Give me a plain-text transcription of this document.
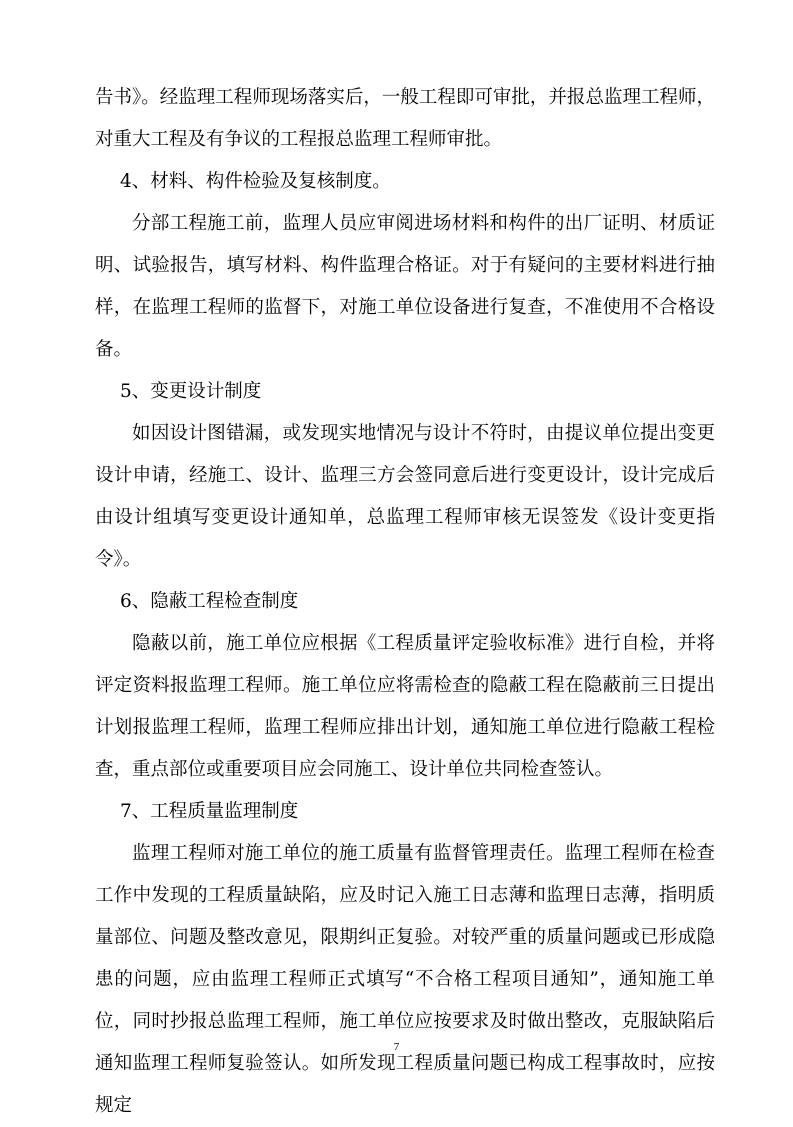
告书》。经监理工程师现场落实后，一般工程即可审批，并报总监理工程师，对重大工程及有争议的工程报总监理工程师审批。

4、材料、构件检验及复核制度。

分部工程施工前，监理人员应审阅进场材料和构件的出厂证明、材质证明、试验报告，填写材料、构件监理合格证。对于有疑问的主要材料进行抽样，在监理工程师的监督下，对施工单位设备进行复查，不准使用不合格设备。

5、变更设计制度

如因设计图错漏，或发现实地情况与设计不符时，由提议单位提出变更设计申请，经施工、设计、监理三方会签同意后进行变更设计，设计完成后由设计组填写变更设计通知单，总监理工程师审核无误签发《设计变更指令》。

6、隐蔽工程检查制度

隐蔽以前，施工单位应根据《工程质量评定验收标准》进行自检，并将评定资料报监理工程师。施工单位应将需检查的隐蔽工程在隐蔽前三日提出计划报监理工程师，监理工程师应排出计划，通知施工单位进行隐蔽工程检查，重点部位或重要项目应会同施工、设计单位共同检查签认。

7、工程质量监理制度

监理工程师对施工单位的施工质量有监督管理责任。监理工程师在检查工作中发现的工程质量缺陷，应及时记入施工日志薄和监理日志薄，指明质量部位、问题及整改意见，限期纠正复验。对较严重的质量问题或已形成隐患的问题，应由监理工程师正式填写“不合格工程项目通知”，通知施工单位，同时抄报总监理工程师，施工单位应按要求及时做出整改，克服缺陷后通知监理工程师复验签认。如所发现工程质量问题已构成工程事故时，应按规定

7
